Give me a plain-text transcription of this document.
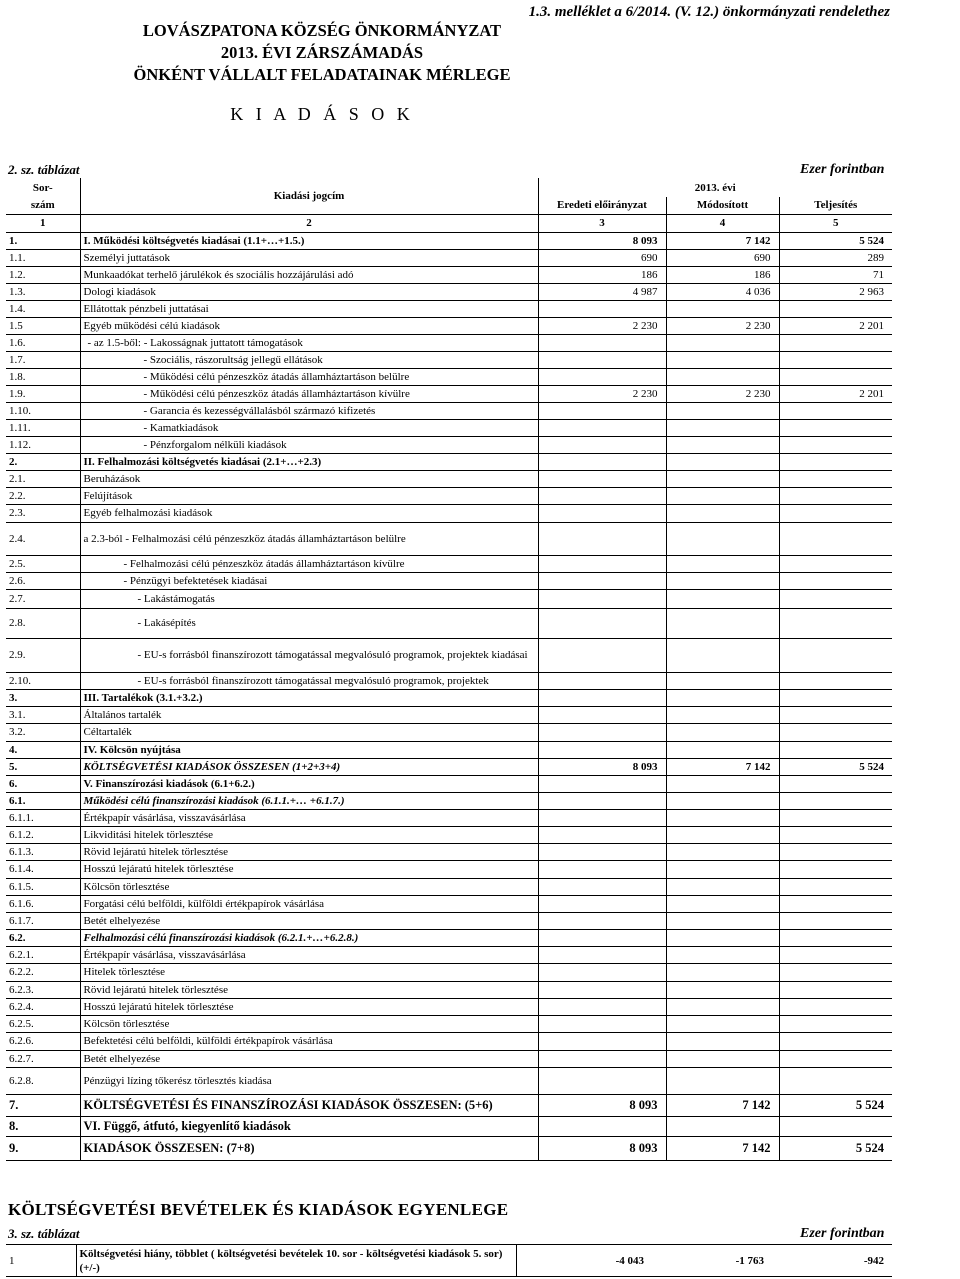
1.3. melléklet a 6/2014. (V. 12.) önkormányzati rendelethez
LOVÁSZPATONA KÖZSÉG ÖNKORMÁNYZAT
2013. ÉVI ZÁRSZÁMADÁS
ÖNKÉNT VÁLLALT FELADATAINAK MÉRLEGE
K I A D Á S O K
2. sz. táblázat	Ezer forintban
Sor-	Kiadási jogcím	2013. évi		
szám		Eredeti előirányzat	Módosított	Teljesítés
1	2	3	4	5
1.	I. Működési költségvetés kiadásai (1.1+…+1.5.)	8 093	7 142	5 524
1.1.	Személyi juttatások	690	690	289
1.2.	Munkaadókat terhelő járulékok és szociális hozzájárulási adó	186	186	71
1.3.	Dologi kiadások	4 987	4 036	2 963
1.4.	Ellátottak pénzbeli juttatásai			
1.5	Egyéb működési célú kiadások	2 230	2 230	2 201
1.6.	- az 1.5-ből: - Lakosságnak juttatott támogatások			
1.7.	- Szociális, rászorultság jellegű ellátások			
1.8.	- Működési célú pénzeszköz átadás államháztartáson belülre			
1.9.	- Működési célú pénzeszköz átadás államháztartáson kívülre	2 230	2 230	2 201
1.10.	- Garancia és kezességvállalásból származó kifizetés			
1.11.	- Kamatkiadások			
1.12.	- Pénzforgalom nélküli kiadások			
2.	II. Felhalmozási költségvetés kiadásai (2.1+…+2.3)			
2.1.	Beruházások			
2.2.	Felújítások			
2.3.	Egyéb felhalmozási kiadások			
2.4.	a 2.3-ból - Felhalmozási célú pénzeszköz átadás államháztartáson belülre			
2.5.	- Felhalmozási célú pénzeszköz átadás államháztartáson kívülre			
2.6.	- Pénzügyi befektetések kiadásai			
2.7.	- Lakástámogatás			
2.8.	- Lakásépítés			
2.9.	- EU-s forrásból finanszírozott támogatással megvalósuló programok, projektek kiadásai			
2.10.	- EU-s forrásból finanszírozott támogatással megvalósuló programok, projektek			
3.	III. Tartalékok (3.1.+3.2.)			
3.1.	Általános tartalék			
3.2.	Céltartalék			
4.	IV. Kölcsön nyújtása			
5.	KÖLTSÉGVETÉSI KIADÁSOK ÖSSZESEN (1+2+3+4)	8 093	7 142	5 524
6.	V. Finanszírozási kiadások (6.1+6.2.)			
6.1.	Működési célú finanszírozási kiadások (6.1.1.+… +6.1.7.)			
6.1.1.	Értékpapír vásárlása, visszavásárlása			
6.1.2.	Likviditási hitelek törlesztése			
6.1.3.	Rövid lejáratú hitelek törlesztése			
6.1.4.	Hosszú lejáratú hitelek törlesztése			
6.1.5.	Kölcsön törlesztése			
6.1.6.	Forgatási célú belföldi, külföldi értékpapírok vásárlása			
6.1.7.	Betét elhelyezése			
6.2.	Felhalmozási célú finanszírozási kiadások (6.2.1.+…+6.2.8.)			
6.2.1.	Értékpapír vásárlása, visszavásárlása			
6.2.2.	Hitelek törlesztése			
6.2.3.	Rövid lejáratú hitelek törlesztése			
6.2.4.	Hosszú lejáratú hitelek törlesztése			
6.2.5.	Kölcsön törlesztése			
6.2.6.	Befektetési célú belföldi, külföldi értékpapírok vásárlása			
6.2.7.	Betét elhelyezése			
6.2.8.	Pénzügyi lízing tőkerész törlesztés kiadása			
7.	KÖLTSÉGVETÉSI ÉS FINANSZÍROZÁSI KIADÁSOK ÖSSZESEN: (5+6)	8 093	7 142	5 524
8.	VI. Függő, átfutó, kiegyenlítő kiadások			
9.	KIADÁSOK ÖSSZESEN: (7+8)	8 093	7 142	5 524
KÖLTSÉGVETÉSI BEVÉTELEK ÉS KIADÁSOK EGYENLEGE
3. sz. táblázat	Ezer forintban
1	Költségvetési hiány, többlet ( költségvetési bevételek 10. sor - költségvetési kiadások 5. sor) (+/-)	-4 043	-1 763	-942
